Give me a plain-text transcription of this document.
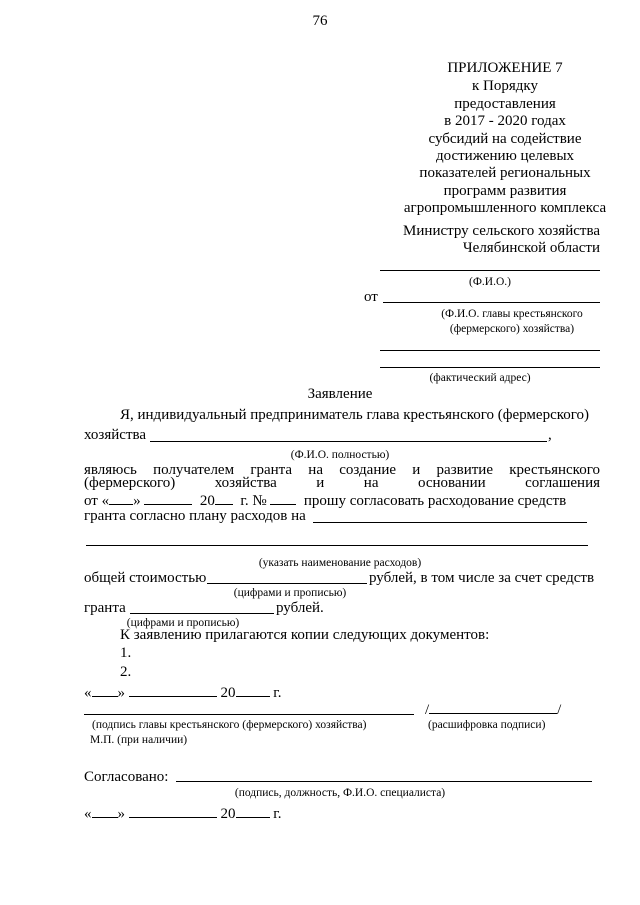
76
ПРИЛОЖЕНИЕ 7
к Порядку
предоставления
в 2017 - 2020 годах
субсидий на содействие
достижению целевых
показателей региональных
программ развития
агропромышленного комплекса
Министру сельского хозяйства
Челябинской области
(Ф.И.О.)
от
(Ф.И.О. главы крестьянского
(фермерского) хозяйства)
(фактический адрес)
Заявление
Я, индивидуальный предприниматель глава крестьянского (фермерского)
хозяйства	,
(Ф.И.О. полностью)
являюсь получателем гранта на создание и развитие крестьянского
(фермерского)	хозяйства	и	на	основании	соглашения
от « »	20 г. № прошу согласовать расходование средств
гранта согласно плану расходов на
(указать наименование расходов)
общей стоимостью	рублей, в том числе за счет средств
(цифрами и прописью)
гранта	рублей.
(цифрами и прописью)
К заявлению прилагаются копии следующих документов:
1.
2.
« »	20	г.
/	/
(подпись главы крестьянского (фермерского) хозяйства)	(расшифровка подписи)
М.П. (при наличии)
Согласовано:
(подпись, должность, Ф.И.О. специалиста)
« »	20	г.
